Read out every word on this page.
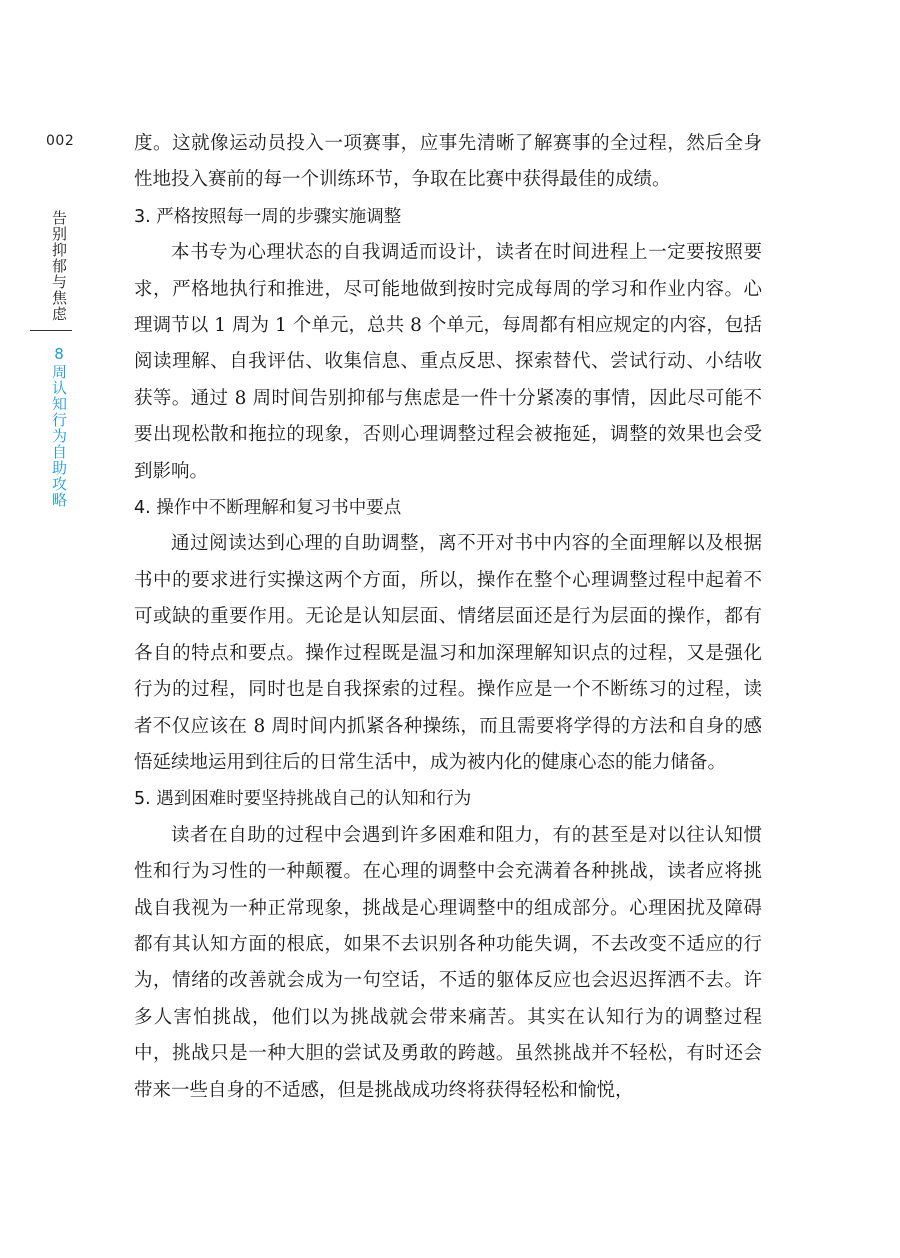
002
告别抑郁与焦虑
8周认知行为自助攻略

度。这就像运动员投入一项赛事，应事先清晰了解赛事的全过程，然后全身性地投入赛前的每一个训练环节，争取在比赛中获得最佳的成绩。

3. 严格按照每一周的步骤实施调整

本书专为心理状态的自我调适而设计，读者在时间进程上一定要按照要求，严格地执行和推进，尽可能地做到按时完成每周的学习和作业内容。心理调节以 1 周为 1 个单元，总共 8 个单元，每周都有相应规定的内容，包括阅读理解、自我评估、收集信息、重点反思、探索替代、尝试行动、小结收获等。通过 8 周时间告别抑郁与焦虑是一件十分紧凑的事情，因此尽可能不要出现松散和拖拉的现象，否则心理调整过程会被拖延，调整的效果也会受到影响。

4. 操作中不断理解和复习书中要点

通过阅读达到心理的自助调整，离不开对书中内容的全面理解以及根据书中的要求进行实操这两个方面，所以，操作在整个心理调整过程中起着不可或缺的重要作用。无论是认知层面、情绪层面还是行为层面的操作，都有各自的特点和要点。操作过程既是温习和加深理解知识点的过程，又是强化行为的过程，同时也是自我探索的过程。操作应是一个不断练习的过程，读者不仅应该在 8 周时间内抓紧各种操练，而且需要将学得的方法和自身的感悟延续地运用到往后的日常生活中，成为被内化的健康心态的能力储备。

5. 遇到困难时要坚持挑战自己的认知和行为

读者在自助的过程中会遇到许多困难和阻力，有的甚至是对以往认知惯性和行为习性的一种颠覆。在心理的调整中会充满着各种挑战，读者应将挑战自我视为一种正常现象，挑战是心理调整中的组成部分。心理困扰及障碍都有其认知方面的根底，如果不去识别各种功能失调，不去改变不适应的行为，情绪的改善就会成为一句空话，不适的躯体反应也会迟迟挥洒不去。许多人害怕挑战，他们以为挑战就会带来痛苦。其实在认知行为的调整过程中，挑战只是一种大胆的尝试及勇敢的跨越。虽然挑战并不轻松，有时还会带来一些自身的不适感，但是挑战成功终将获得轻松和愉悦，
